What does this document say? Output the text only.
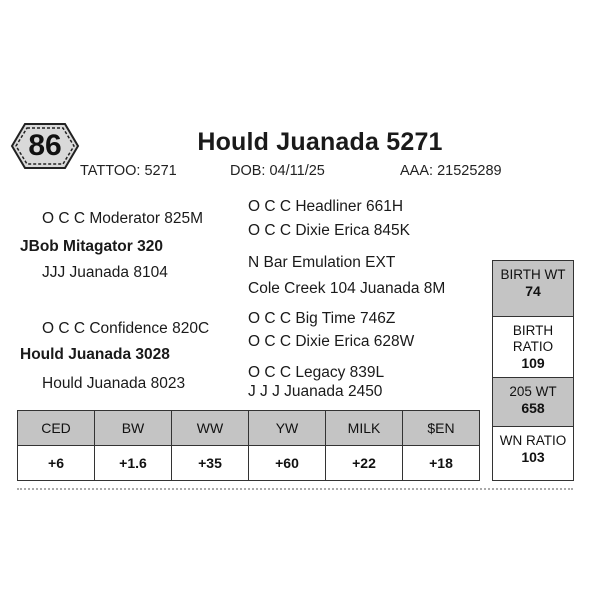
86	Hould Juanada 5271
TATTOO: 5271	DOB: 04/11/25	AAA: 21525289
O C C Moderator 825M
JBob Mitagator 320
JJJ Juanada 8104
O C C Headliner 661H
O C C Dixie Erica 845K
N Bar Emulation EXT
Cole Creek 104 Juanada 8M
O C C Confidence 820C
Hould Juanada 3028
Hould Juanada 8023
O C C Big Time 746Z
O C C Dixie Erica 628W
O C C Legacy 839L
J J J Juanada 2450
BIRTH WT
74
BIRTH RATIO
109
205 WT
658
WN RATIO
103
CED	BW	WW	YW	MILK	$EN
+6	+1.6	+35	+60	+22	+18
